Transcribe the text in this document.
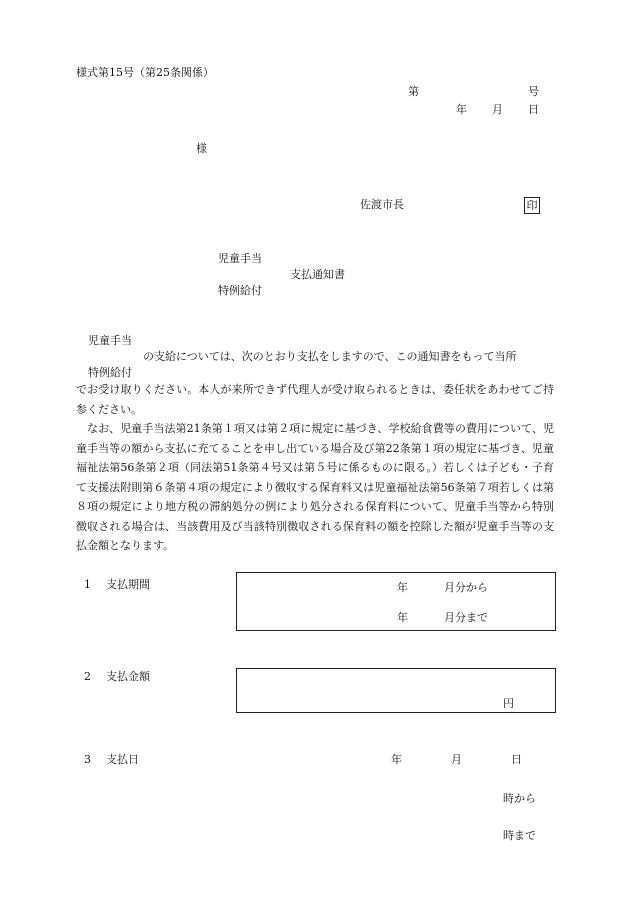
様式第15号（第25条関係）
第	号
年 月 日
様
佐渡市長	印
児童手当
支払通知書
特例給付
児童手当
の支給については、次のとおり支払をしますので、この通知書をもって当所
特例給付
でお受け取りください。本人が来所できず代理人が受け取られるときは、委任状をあわせてご持参ください。
なお、児童手当法第21条第１項又は第２項に規定に基づき、学校給食費等の費用について、児童手当等の額から支払に充てることを申し出ている場合及び第22条第１項の規定に基づき、児童福祉法第56条第２項（同法第51条第４号又は第５号に係るものに限る。）若しくは子ども・子育て支援法附則第６条第４項の規定により徴収する保育料又は児童福祉法第56条第７項若しくは第８項の規定により地方税の滞納処分の例により処分される保育料について、児童手当等から特別徴収される場合は、当該費用及び当該特別徴収される保育料の額を控除した額が児童手当等の支払金額となります。
1 支払期間	年	月分から
年	月分まで
2 支払金額
円
3 支払日	年	月	日
時から
時まで
